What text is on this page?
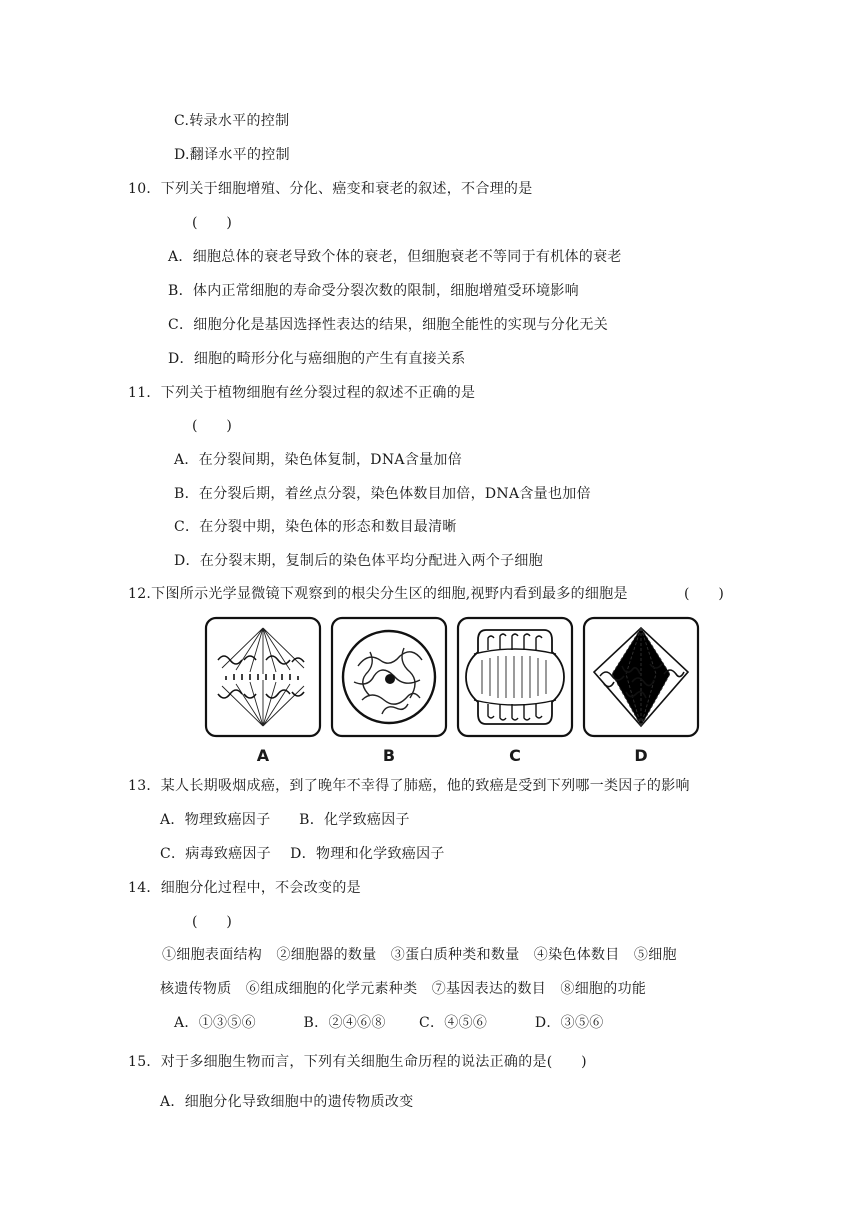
C.转录水平的控制
D.翻译水平的控制
10．下列关于细胞增殖、分化、癌变和衰老的叙述，不合理的是
(　　)
A．细胞总体的衰老导致个体的衰老，但细胞衰老不等同于有机体的衰老
B．体内正常细胞的寿命受分裂次数的限制，细胞增殖受环境影响
C．细胞分化是基因选择性表达的结果，细胞全能性的实现与分化无关
D．细胞的畸形分化与癌细胞的产生有直接关系
11．下列关于植物细胞有丝分裂过程的叙述不正确的是
(　　)
A．在分裂间期，染色体复制，DNA含量加倍
B．在分裂后期，着丝点分裂，染色体数目加倍，DNA含量也加倍
C．在分裂中期，染色体的形态和数目最清晰
D．在分裂末期，复制后的染色体平均分配进入两个子细胞
12.下图所示光学显微镜下观察到的根尖分生区的细胞,视野内看到最多的细胞是	(　　)
A	B	C	D
13．某人长期吸烟成癌，到了晚年不幸得了肺癌，他的致癌是受到下列哪一类因子的影响
A．物理致癌因子　　B．化学致癌因子
C．病毒致癌因子　 D．物理和化学致癌因子
14．细胞分化过程中，不会改变的是
(　　)
①细胞表面结构　②细胞器的数量　③蛋白质种类和数量　④染色体数目　⑤细胞
核遗传物质　⑥组成细胞的化学元素种类　⑦基因表达的数目　⑧细胞的功能
A．①③⑤⑥　　　 B．②④⑥⑧　　 C．④⑤⑥　　　 D．③⑤⑥
15．对于多细胞生物而言，下列有关细胞生命历程的说法正确的是(　　)
A．细胞分化导致细胞中的遗传物质改变
